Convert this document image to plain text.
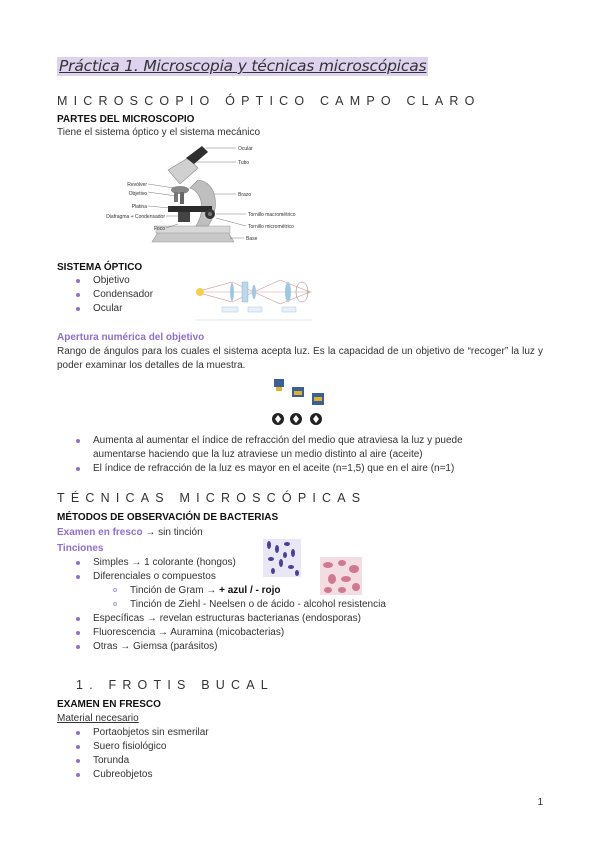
Práctica 1. Microscopia y técnicas microscópicas
MICROSCOPIO ÓPTICO CAMPO CLARO
PARTES DEL MICROSCOPIO
Tiene el sistema óptico y el sistema mecánico
Ocular
Tubo
Brazo
Tornillo macrométrico
Tornillo micrométrico
Base
Revólver
Objetivo
Platina
Diafragma + Condensador
Foco
SISTEMA ÓPTICO
Objetivo
Condensador
Ocular
Apertura numérica del objetivo
Rango de ángulos para los cuales el sistema acepta luz. Es la capacidad de un objetivo de “recoger” la luz y poder examinar los detalles de la muestra.
Aumenta al aumentar el índice de refracción del medio que atraviesa la luz y puede aumentarse haciendo que la luz atraviese un medio distinto al aire (aceite)
El índice de refracción de la luz es mayor en el aceite (n=1,5) que en el aire (n=1)
TÉCNICAS MICROSCÓPICAS
MÉTODOS DE OBSERVACIÓN DE BACTERIAS
Examen en fresco → sin tinción
Tinciones
Simples → 1 colorante (hongos)
Diferenciales o compuestos
Tinción de Gram → + azul / - rojo
Tinción de Ziehl - Neelsen o de ácido - alcohol resistencia
Específicas → revelan estructuras bacterianas (endosporas)
Fluorescencia → Auramina (micobacterias)
Otras → Giemsa (parásitos)
1. FROTIS BUCAL
EXAMEN EN FRESCO
Material necesario
Portaobjetos sin esmerilar
Suero fisiológico
Torunda
Cubreobjetos
1
